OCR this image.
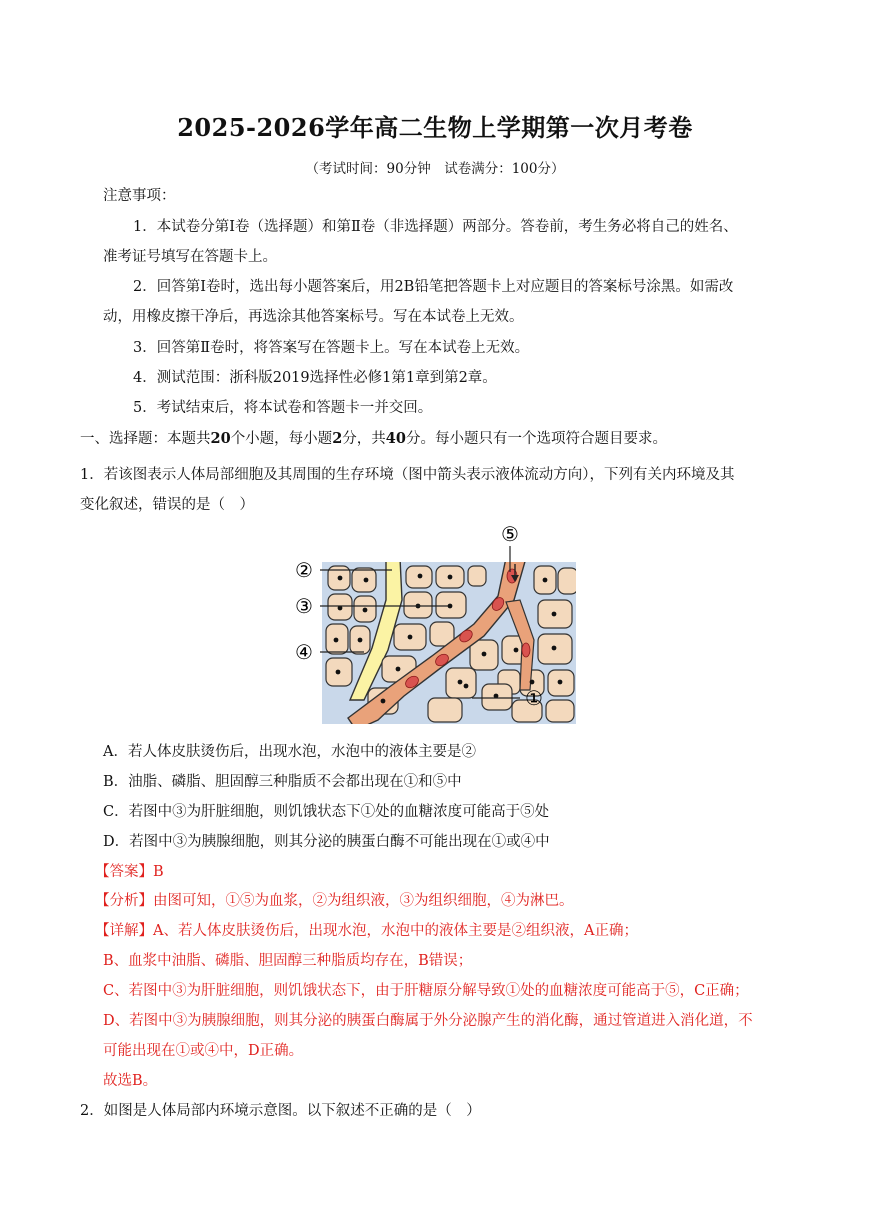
2025-2026学年高二生物上学期第一次月考卷
（考试时间：90分钟　试卷满分：100分）
注意事项：
1．本试卷分第Ⅰ卷（选择题）和第Ⅱ卷（非选择题）两部分。答卷前，考生务必将自己的姓名、
准考证号填写在答题卡上。
2．回答第Ⅰ卷时，选出每小题答案后，用2B铅笔把答题卡上对应题目的答案标号涂黑。如需改
动，用橡皮擦干净后，再选涂其他答案标号。写在本试卷上无效。
3．回答第Ⅱ卷时，将答案写在答题卡上。写在本试卷上无效。
4．测试范围：浙科版2019选择性必修1第1章到第2章。
5．考试结束后，将本试卷和答题卡一并交回。
一、选择题：本题共20个小题，每小题2分，共40分。每小题只有一个选项符合题目要求。
1．若该图表示人体局部细胞及其周围的生存环境（图中箭头表示液体流动方向），下列有关内环境及其
变化叙述，错误的是（　）
⑤
②
③
④
①
A．若人体皮肤烫伤后，出现水泡，水泡中的液体主要是②
B．油脂、磷脂、胆固醇三种脂质不会都出现在①和⑤中
C．若图中③为肝脏细胞，则饥饿状态下①处的血糖浓度可能高于⑤处
D．若图中③为胰腺细胞，则其分泌的胰蛋白酶不可能出现在①或④中
【答案】B
【分析】由图可知，①⑤为血浆，②为组织液，③为组织细胞，④为淋巴。
【详解】A、若人体皮肤烫伤后，出现水泡，水泡中的液体主要是②组织液，A正确；
B、血浆中油脂、磷脂、胆固醇三种脂质均存在，B错误；
C、若图中③为肝脏细胞，则饥饿状态下，由于肝糖原分解导致①处的血糖浓度可能高于⑤，C正确；
D、若图中③为胰腺细胞，则其分泌的胰蛋白酶属于外分泌腺产生的消化酶，通过管道进入消化道，不
可能出现在①或④中，D正确。
故选B。
2．如图是人体局部内环境示意图。以下叙述不正确的是（　）
